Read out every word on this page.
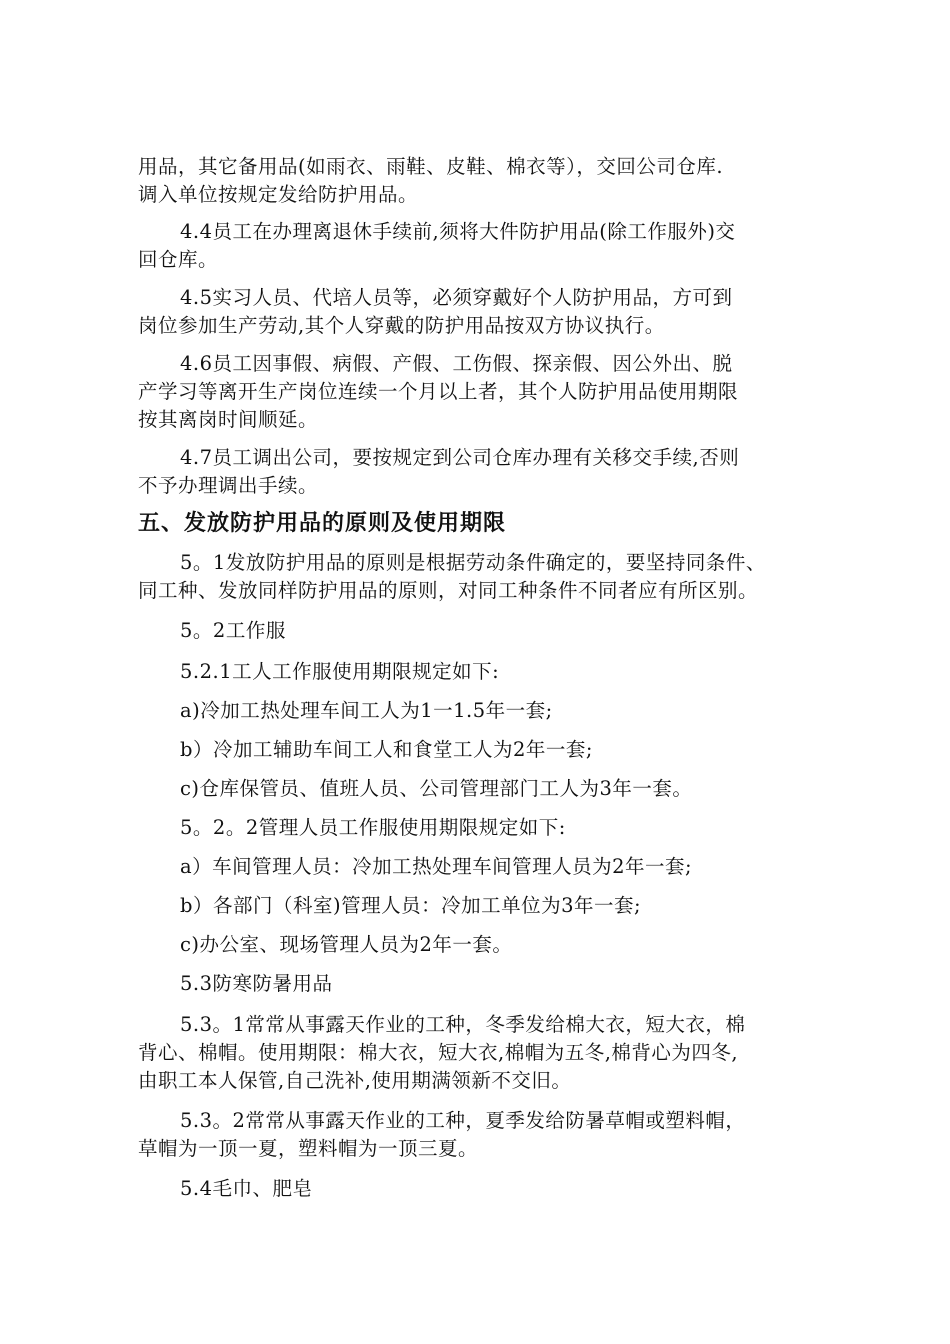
用品，其它备用品(如雨衣、雨鞋、皮鞋、棉衣等），交回公司仓库.
调入单位按规定发给防护用品。
4.4员工在办理离退休手续前,须将大件防护用品(除工作服外)交
回仓库。
4.5实习人员、代培人员等，必须穿戴好个人防护用品，方可到
岗位参加生产劳动,其个人穿戴的防护用品按双方协议执行。
4.6员工因事假、病假、产假、工伤假、探亲假、因公外出、脱
产学习等离开生产岗位连续一个月以上者，其个人防护用品使用期限
按其离岗时间顺延。
4.7员工调出公司，要按规定到公司仓库办理有关移交手续,否则
不予办理调出手续。
五、发放防护用品的原则及使用期限
5。1发放防护用品的原则是根据劳动条件确定的，要坚持同条件、
同工种、发放同样防护用品的原则，对同工种条件不同者应有所区别。
5。2工作服
5.2.1工人工作服使用期限规定如下:
a)冷加工热处理车间工人为1一1.5年一套;
b）冷加工辅助车间工人和食堂工人为2年一套;
c)仓库保管员、值班人员、公司管理部门工人为3年一套。
5。2。2管理人员工作服使用期限规定如下:
a）车间管理人员：冷加工热处理车间管理人员为2年一套;
b）各部门（科室)管理人员：冷加工单位为3年一套;
c)办公室、现场管理人员为2年一套。
5.3防寒防暑用品
5.3。1常常从事露天作业的工种，冬季发给棉大衣，短大衣，棉
背心、棉帽。使用期限：棉大衣，短大衣,棉帽为五冬,棉背心为四冬,
由职工本人保管,自己洗补,使用期满领新不交旧。
5.3。2常常从事露天作业的工种，夏季发给防暑草帽或塑料帽，
草帽为一顶一夏，塑料帽为一顶三夏。
5.4毛巾、肥皂
